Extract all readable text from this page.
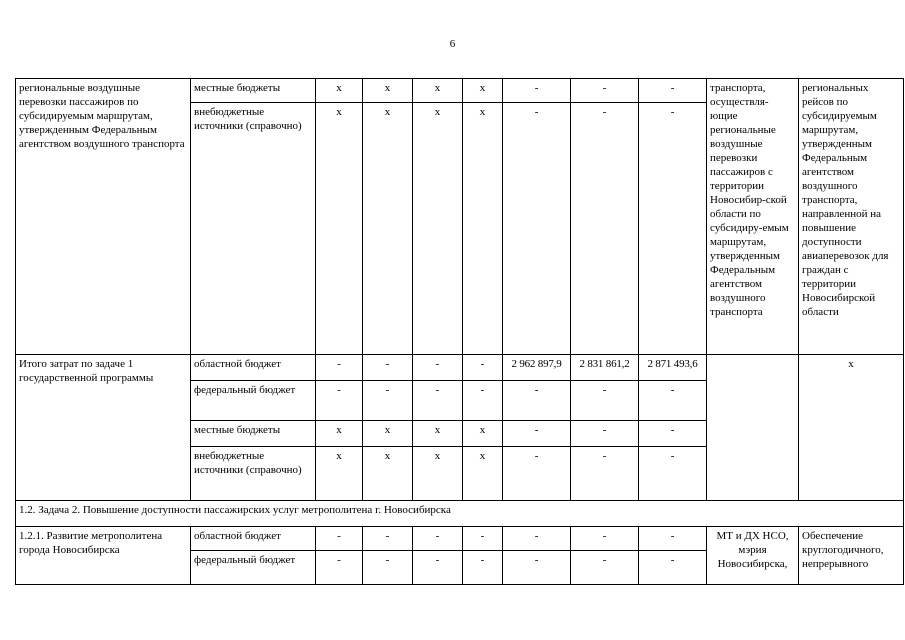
6
региональные воздушные перевозки пассажиров по субсидируемым маршрутам, утвержденным Федеральным агентством воздушного транспорта	местные бюджеты	x	x	x	x	-	-	-	транспорта, осуществля-ющие региональные воздушные перевозки пассажиров с территории Новосибир-ской области по субсидиру-емым маршрутам, утвержденным Федеральным агентством воздушного транспорта	региональных рейсов по субсидируемым маршрутам, утвержденным Федеральным агентством воздушного транспорта, направленной на повышение доступности авиаперевозок для граждан с территории Новосибирской области
	внебюджетные источники (справочно)	x	x	x	x	-	-	-		
Итого затрат по задаче 1 государственной программы	областной бюджет	-	-	-	-	2 962 897,9	2 831 861,2	2 871 493,6		x
	федеральный бюджет	-	-	-	-	-	-	-		
	местные бюджеты	x	x	x	x	-	-	-		
	внебюджетные источники (справочно)	x	x	x	x	-	-	-		
1.2. Задача 2. Повышение доступности пассажирских услуг метрополитена г. Новосибирска										
1.2.1. Развитие метрополитена города Новосибирска	областной бюджет	-	-	-	-	-	-	-	МТ и ДХ НСО, мэрия Новосибирска,	Обеспечение круглогодичного, непрерывного
	федеральный бюджет	-	-	-	-	-	-	-		
